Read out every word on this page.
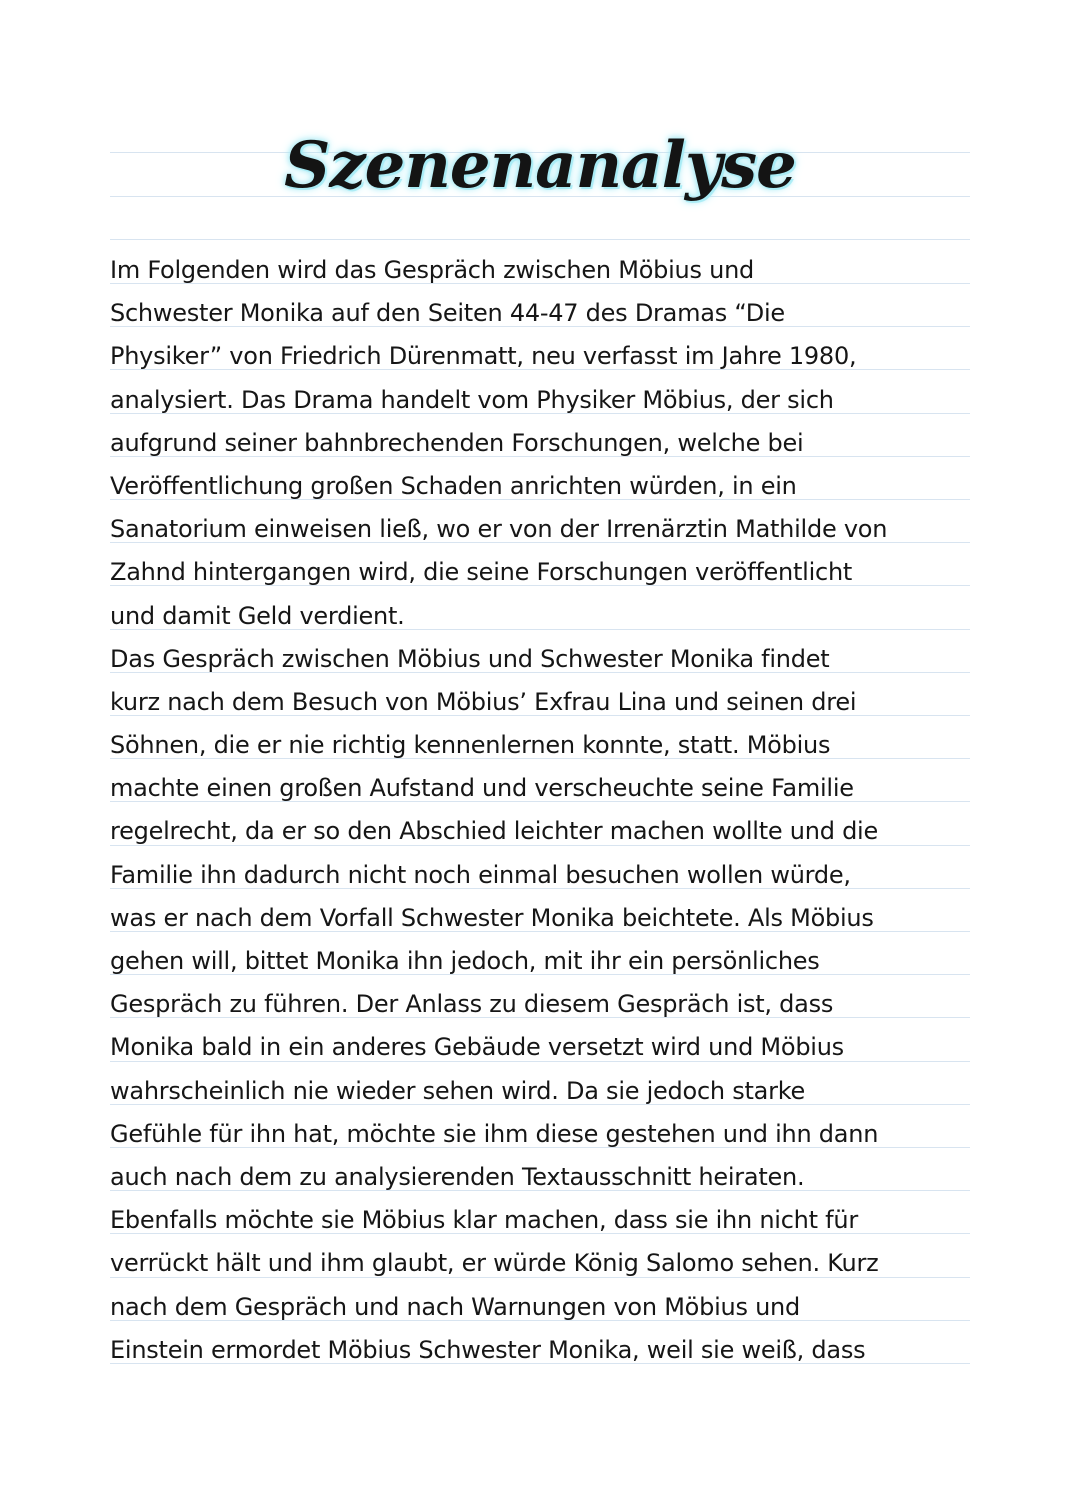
Szenenanalyse
Im Folgenden wird das Gespräch zwischen Möbius und
Schwester Monika auf den Seiten 44-47 des Dramas “Die
Physiker” von Friedrich Dürenmatt, neu verfasst im Jahre 1980,
analysiert. Das Drama handelt vom Physiker Möbius, der sich
aufgrund seiner bahnbrechenden Forschungen, welche bei
Veröffentlichung großen Schaden anrichten würden, in ein
Sanatorium einweisen ließ, wo er von der Irrenärztin Mathilde von
Zahnd hintergangen wird, die seine Forschungen veröffentlicht
und damit Geld verdient.
Das Gespräch zwischen Möbius und Schwester Monika findet
kurz nach dem Besuch von Möbius’ Exfrau Lina und seinen drei
Söhnen, die er nie richtig kennenlernen konnte, statt. Möbius
machte einen großen Aufstand und verscheuchte seine Familie
regelrecht, da er so den Abschied leichter machen wollte und die
Familie ihn dadurch nicht noch einmal besuchen wollen würde,
was er nach dem Vorfall Schwester Monika beichtete. Als Möbius
gehen will, bittet Monika ihn jedoch, mit ihr ein persönliches
Gespräch zu führen. Der Anlass zu diesem Gespräch ist, dass
Monika bald in ein anderes Gebäude versetzt wird und Möbius
wahrscheinlich nie wieder sehen wird. Da sie jedoch starke
Gefühle für ihn hat, möchte sie ihm diese gestehen und ihn dann
auch nach dem zu analysierenden Textausschnitt heiraten.
Ebenfalls möchte sie Möbius klar machen, dass sie ihn nicht für
verrückt hält und ihm glaubt, er würde König Salomo sehen. Kurz
nach dem Gespräch und nach Warnungen von Möbius und
Einstein ermordet Möbius Schwester Monika, weil sie weiß, dass
